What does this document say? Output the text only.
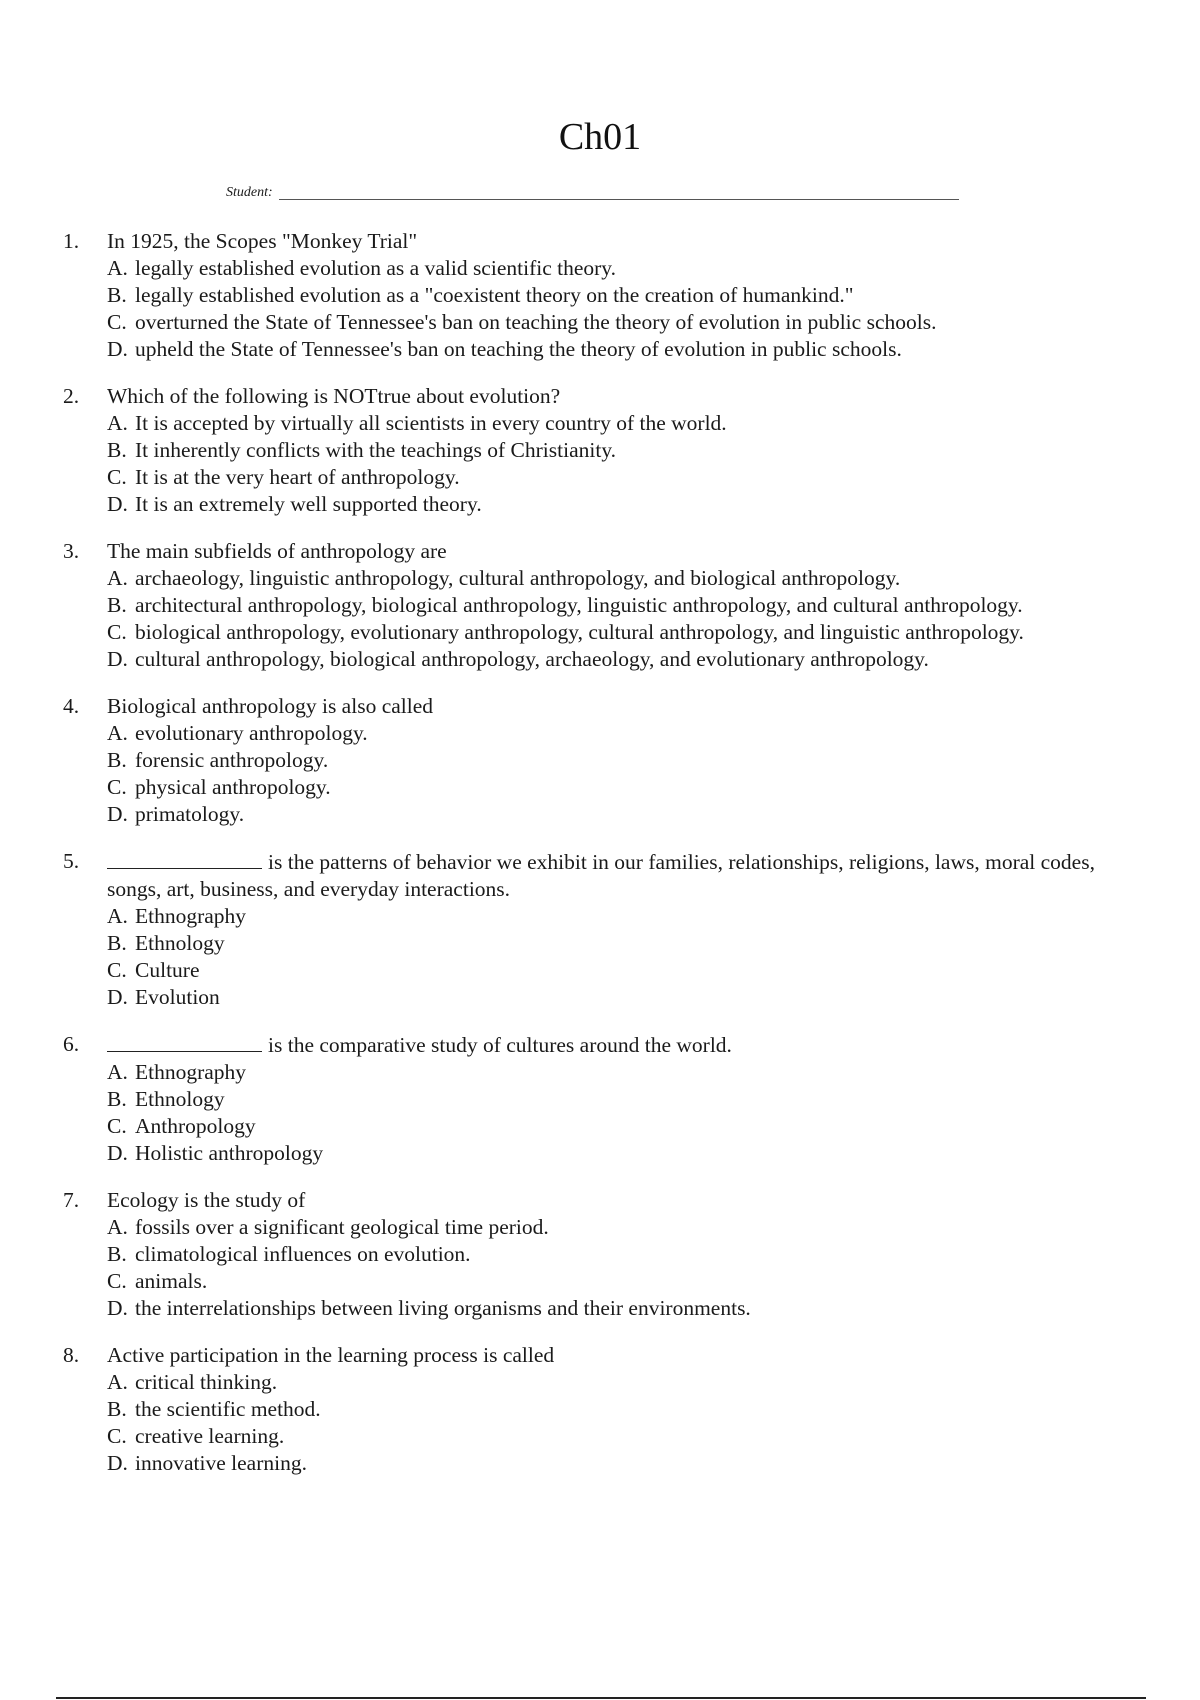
Ch01
Student:
1. In 1925, the Scopes "Monkey Trial"
A. legally established evolution as a valid scientific theory.
B. legally established evolution as a "coexistent theory on the creation of humankind."
C. overturned the State of Tennessee's ban on teaching the theory of evolution in public schools.
D. upheld the State of Tennessee's ban on teaching the theory of evolution in public schools.
2. Which of the following is NOTtrue about evolution?
A. It is accepted by virtually all scientists in every country of the world.
B. It inherently conflicts with the teachings of Christianity.
C. It is at the very heart of anthropology.
D. It is an extremely well supported theory.
3. The main subfields of anthropology are
A. archaeology, linguistic anthropology, cultural anthropology, and biological anthropology.
B. architectural anthropology, biological anthropology, linguistic anthropology, and cultural anthropology.
C. biological anthropology, evolutionary anthropology, cultural anthropology, and linguistic anthropology.
D. cultural anthropology, biological anthropology, archaeology, and evolutionary anthropology.
4. Biological anthropology is also called
A. evolutionary anthropology.
B. forensic anthropology.
C. physical anthropology.
D. primatology.
5.	is the patterns of behavior we exhibit in our families, relationships, religions, laws, moral codes, songs, art, business, and everyday interactions.
A. Ethnography
B. Ethnology
C. Culture
D. Evolution
6.	is the comparative study of cultures around the world.
A. Ethnography
B. Ethnology
C. Anthropology
D. Holistic anthropology
7. Ecology is the study of
A. fossils over a significant geological time period.
B. climatological influences on evolution.
C. animals.
D. the interrelationships between living organisms and their environments.
8. Active participation in the learning process is called
A. critical thinking.
B. the scientific method.
C. creative learning.
D. innovative learning.
